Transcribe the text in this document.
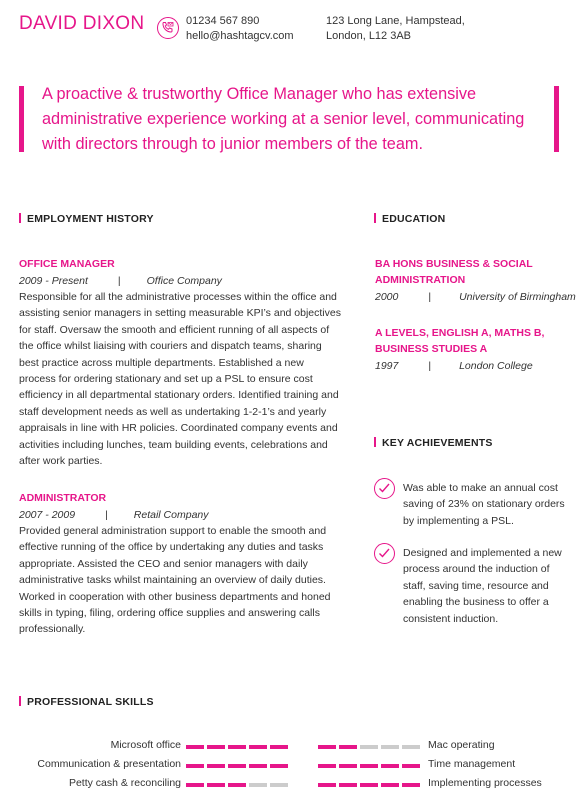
DAVID DIXON	01234 567 890
hello@hashtagcv.com
123 Long Lane, Hampstead,
London, L12 3AB
A proactive & trustworthy Office Manager who has extensive administrative experience working at a senior level, communicating with directors through to junior members of the team.
EMPLOYMENT HISTORY
OFFICE MANAGER
2009 - Present	| Office Company
Responsible for all the administrative processes within the office and assisting senior managers in setting measurable KPI’s and objectives for staff. Oversaw the smooth and efficient running of all aspects of the office whilst liaising with couriers and dispatch teams, sharing best practice across multiple departments. Established a new process for ordering stationary and set up a PSL to ensure cost efficiency in all departmental stationary orders. Identified training and staff development needs as well as undertaking 1-2-1’s and yearly appraisals in line with HR policies. Coordinated company events and activities including lunches, team building events, celebrations and after work parties.
ADMINISTRATOR
2007 - 2009	| Retail Company
Provided general administration support to enable the smooth and effective running of the office by undertaking any duties and tasks appropriate. Assisted the CEO and senior managers with daily administrative tasks whilst maintaining an overview of daily duties. Worked in cooperation with other business departments and honed skills in typing, filing, ordering office supplies and answering calls professionally.
EDUCATION
BA HONS BUSINESS & SOCIAL ADMINISTRATION
2000	|	University of Birmingham
A LEVELS, ENGLISH A, MATHS B, BUSINESS STUDIES A
1997	|	London College
KEY ACHIEVEMENTS
Was able to make an annual cost saving of 23% on stationary orders by implementing a PSL.
Designed and implemented a new process around the induction of staff, saving time, resource and enabling the business to offer a consistent induction.
PROFESSIONAL SKILLS
Microsoft office	Mac operating
Communication & presentation	Time management
Petty cash & reconciling	Implementing processes
